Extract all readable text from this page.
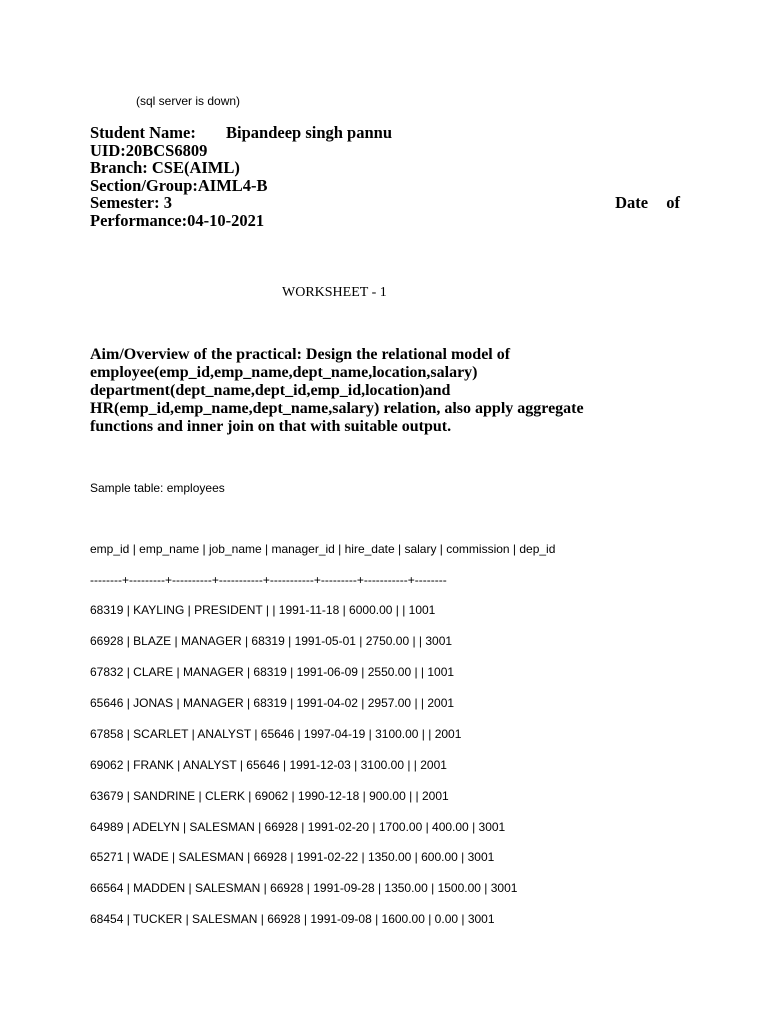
(sql server is down)
Student Name: Bipandeep singh pannu
UID:20BCS6809
Branch: CSE(AIML)
Section/Group:AIML4-B
Semester: 3	Date of
Performance:04-10-2021
WORKSHEET - 1
Aim/Overview of the practical: Design the relational model of
employee(emp_id,emp_name,dept_name,location,salary)
department(dept_name,dept_id,emp_id,location)and
HR(emp_id,emp_name,dept_name,salary) relation, also apply aggregate
functions and inner join on that with suitable output.
Sample table: employees
emp_id | emp_name | job_name | manager_id | hire_date | salary | commission | dep_id
--------+---------+----------+-----------+-----------+---------+-----------+--------
68319 | KAYLING | PRESIDENT | | 1991-11-18 | 6000.00 | | 1001
66928 | BLAZE | MANAGER | 68319 | 1991-05-01 | 2750.00 | | 3001
67832 | CLARE | MANAGER | 68319 | 1991-06-09 | 2550.00 | | 1001
65646 | JONAS | MANAGER | 68319 | 1991-04-02 | 2957.00 | | 2001
67858 | SCARLET | ANALYST | 65646 | 1997-04-19 | 3100.00 | | 2001
69062 | FRANK | ANALYST | 65646 | 1991-12-03 | 3100.00 | | 2001
63679 | SANDRINE | CLERK | 69062 | 1990-12-18 | 900.00 | | 2001
64989 | ADELYN | SALESMAN | 66928 | 1991-02-20 | 1700.00 | 400.00 | 3001
65271 | WADE | SALESMAN | 66928 | 1991-02-22 | 1350.00 | 600.00 | 3001
66564 | MADDEN | SALESMAN | 66928 | 1991-09-28 | 1350.00 | 1500.00 | 3001
68454 | TUCKER | SALESMAN | 66928 | 1991-09-08 | 1600.00 | 0.00 | 3001
